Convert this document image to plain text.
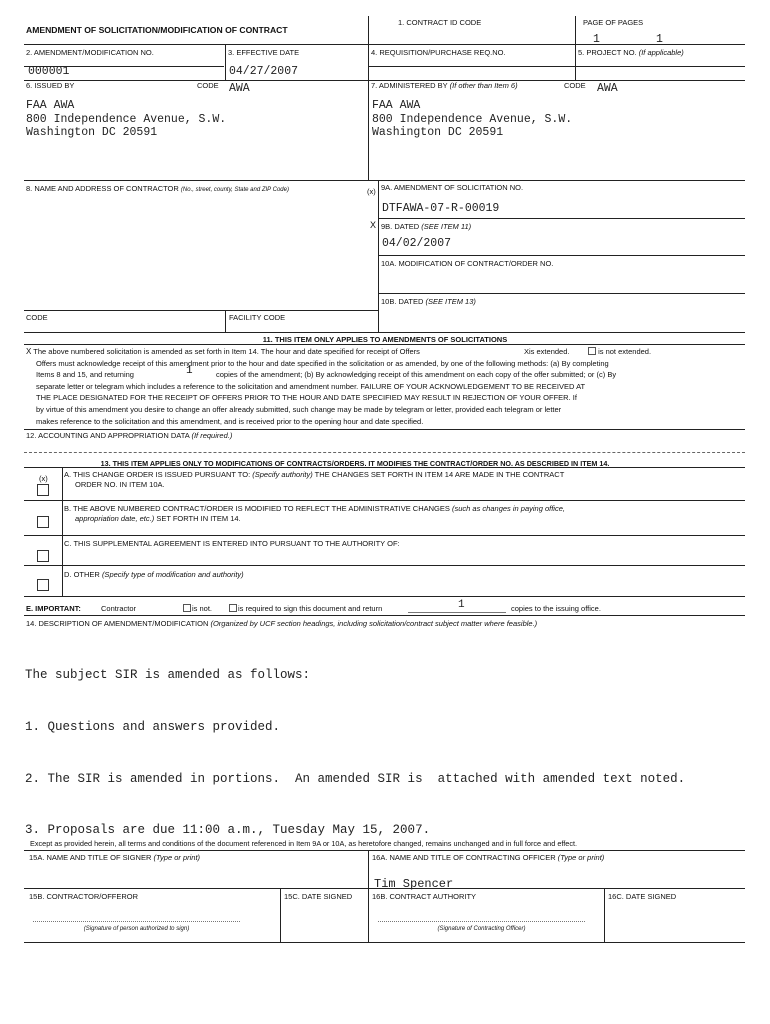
AMENDMENT OF SOLICITATION/MODIFICATION OF CONTRACT
1. CONTRACT ID CODE	PAGE OF PAGES
1	1
2. AMENDMENT/MODIFICATION NO.
000001
3. EFFECTIVE DATE
04/27/2007
4. REQUISITION/PURCHASE REQ.NO.	5. PROJECT NO. (If applicable)
6. ISSUED BY	CODE AWA
FAA AWA
800 Independence Avenue, S.W.
Washington DC 20591
7. ADMINISTERED BY (If other than Item 6)	CODE AWA
FAA AWA
800 Independence Avenue, S.W.
Washington DC 20591
8. NAME AND ADDRESS OF CONTRACTOR (No., street, county, State and ZIP Code)
CODE	FACILITY CODE
(x) 9A. AMENDMENT OF SOLICITATION NO.
DTFAWA-07-R-00019
X 9B. DATED (SEE ITEM 11)
04/02/2007
10A. MODIFICATION OF CONTRACT/ORDER NO.
10B. DATED (SEE ITEM 13)
11. THIS ITEM ONLY APPLIES TO AMENDMENTS OF SOLICITATIONS
X The above numbered solicitation is amended as set forth in Item 14. The hour and date specified for receipt of Offers	Xis extended.	is not extended.
Offers must acknowledge receipt of this amendment prior to the hour and date specified in the solicitation or as amended, by one of the following methods: (a) By completing
Items 8 and 15, and returning	1	copies of the amendment; (b) By acknowledging receipt of this amendment on each copy of the offer submitted; or (c) By
separate letter or telegram which includes a reference to the solicitation and amendment number. FAILURE OF YOUR ACKNOWLEDGEMENT TO BE RECEIVED AT
THE PLACE DESIGNATED FOR THE RECEIPT OF OFFERS PRIOR TO THE HOUR AND DATE SPECIFIED MAY RESULT IN REJECTION OF YOUR OFFER. If
by virtue of this amendment you desire to change an offer already submitted, such change may be made by telegram or letter, provided each telegram or letter
makes reference to the solicitation and this amendment, and is received prior to the opening hour and date specified.
12. ACCOUNTING AND APPROPRIATION DATA (If required.)
13. THIS ITEM APPLIES ONLY TO MODIFICATIONS OF CONTRACTS/ORDERS. IT MODIFIES THE CONTRACT/ORDER NO. AS DESCRIBED IN ITEM 14.
(x) A. THIS CHANGE ORDER IS ISSUED PURSUANT TO: (Specify authority) THE CHANGES SET FORTH IN ITEM 14 ARE MADE IN THE CONTRACT
ORDER NO. IN ITEM 10A.
B. THE ABOVE NUMBERED CONTRACT/ORDER IS MODIFIED TO REFLECT THE ADMINISTRATIVE CHANGES (such as changes in paying office,
appropriation date, etc.) SET FORTH IN ITEM 14.
C. THIS SUPPLEMENTAL AGREEMENT IS ENTERED INTO PURSUANT TO THE AUTHORITY OF:
D. OTHER (Specify type of modification and authority)
E. IMPORTANT:	Contractor	is not.	is required to sign this document and return	1	copies to the issuing office.
14. DESCRIPTION OF AMENDMENT/MODIFICATION (Organized by UCF section headings, including solicitation/contract subject matter where feasible.)

The subject SIR is amended as follows:

1. Questions and answers provided.

2. The SIR is amended in portions.  An amended SIR is  attached with amended text noted.

3. Proposals are due 11:00 a.m., Tuesday May 15, 2007.

Except as provided herein, all terms and conditions of the document referenced in Item 9A or 10A, as heretofore changed, remains unchanged and in full force and effect.
15A. NAME AND TITLE OF SIGNER (Type or print)	16A. NAME AND TITLE OF CONTRACTING OFFICER (Type or print)
Tim Spencer
15B. CONTRACTOR/OFFEROR	15C. DATE SIGNED	16B. CONTRACT AUTHORITY	16C. DATE SIGNED
(Signature of person authorized to sign)	(Signature of Contracting Officer)
